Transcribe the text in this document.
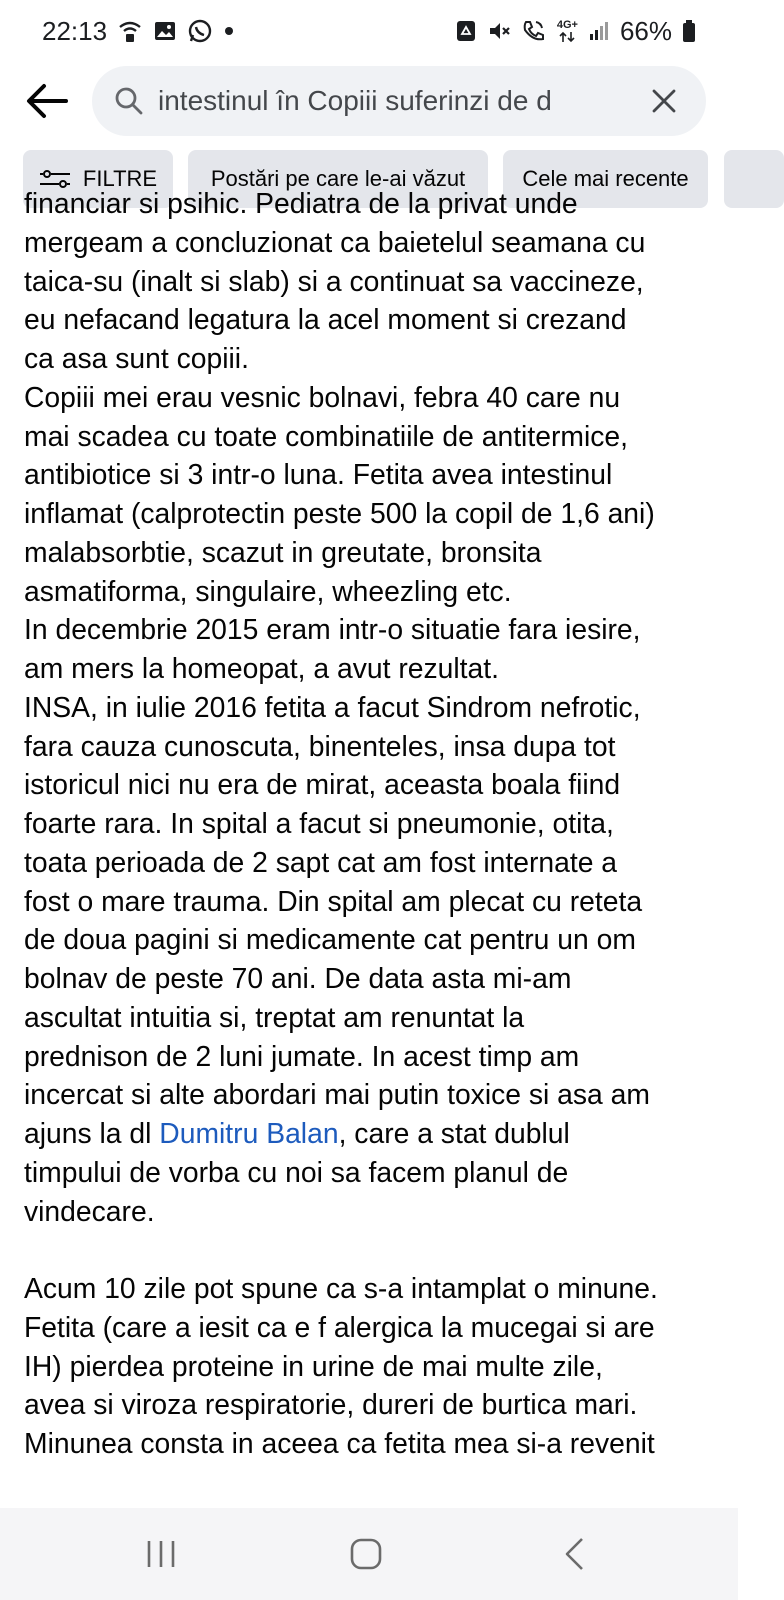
22:13	4G+ 66%
intestinul în Copiii suferinzi de d
FILTRE	Postări pe care le-ai văzut	Cele mai recente

financiar si psihic. Pediatra de la privat unde

mergeam a concluzionat ca baietelul seamana cu

taica-su (inalt si slab) si a continuat sa vaccineze,

eu nefacand legatura la acel moment si crezand

ca asa sunt copiii.

Copiii mei erau vesnic bolnavi, febra 40 care nu

mai scadea cu toate combinatiile de antitermice,

antibiotice si 3 intr-o luna. Fetita avea intestinul

inflamat (calprotectin peste 500 la copil de 1,6 ani)

malabsorbtie, scazut in greutate, bronsita

asmatiforma, singulaire, wheezling etc.

In decembrie 2015 eram intr-o situatie fara iesire,

am mers la homeopat, a avut rezultat.

INSA, in iulie 2016 fetita a facut Sindrom nefrotic,

fara cauza cunoscuta, binenteles, insa dupa tot

istoricul nici nu era de mirat, aceasta boala fiind

foarte rara. In spital a facut si pneumonie, otita,

toata perioada de 2 sapt cat am fost internate a

fost o mare trauma. Din spital am plecat cu reteta

de doua pagini si medicamente cat pentru un om

bolnav de peste 70 ani. De data asta mi-am

ascultat intuitia si, treptat am renuntat la

prednison de 2 luni jumate. In acest timp am

incercat si alte abordari mai putin toxice si asa am

ajuns la dl Dumitru Balan, care a stat dublul

timpului de vorba cu noi sa facem planul de

vindecare.

Acum 10 zile pot spune ca s-a intamplat o minune.

Fetita (care a iesit ca e f alergica la mucegai si are

IH) pierdea proteine in urine de mai multe zile,

avea si viroza respiratorie, dureri de burtica mari.

Minunea consta in aceea ca fetita mea si-a revenit
